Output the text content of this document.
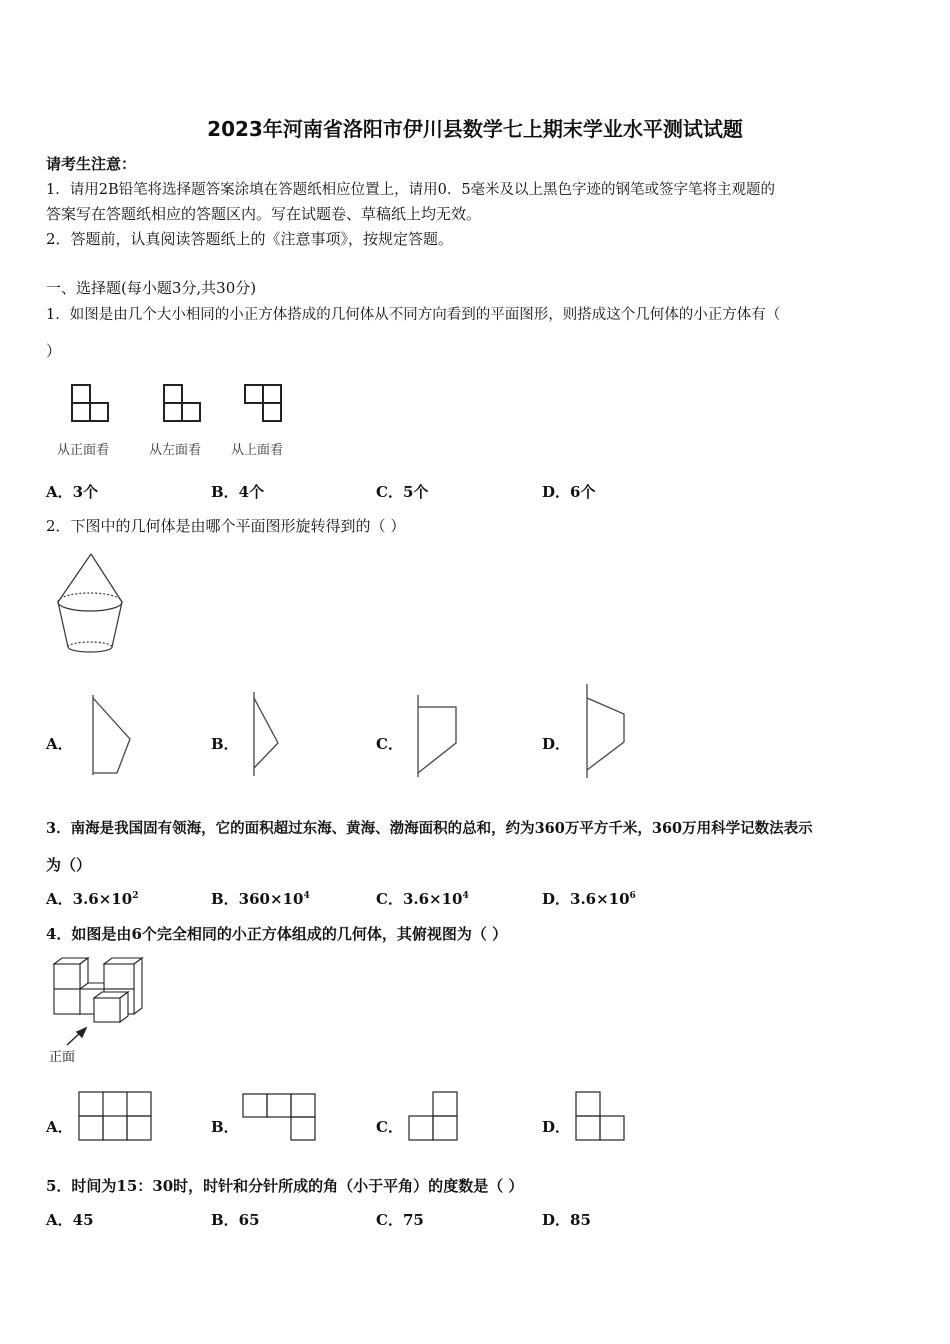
2023年河南省洛阳市伊川县数学七上期末学业水平测试试题
请考生注意：
1．请用2B铅笔将选择题答案涂填在答题纸相应位置上，请用0．5毫米及以上黑色字迹的钢笔或签字笔将主观题的
答案写在答题纸相应的答题区内。写在试题卷、草稿纸上均无效。
2．答题前，认真阅读答题纸上的《注意事项》，按规定答题。
一、选择题(每小题3分,共30分)
1．如图是由几个大小相同的小正方体搭成的几何体从不同方向看到的平面图形，则搭成这个几何体的小正方体有（
）
从正面看	从左面看 从上面看
A．3个	B．4个	C．5个	D．6个
2．下图中的几何体是由哪个平面图形旋转得到的（ ）
A．	B．	C．	D．
3．南海是我国固有领海，它的面积超过东海、黄海、渤海面积的总和，约为360万平方千米，360万用科学记数法表示
为（）
A．$3.6\times 10^2$	B．$360\times 10^4$	C．$3.6\times 10^4$	D．$3.6\times 10^6$
4．如图是由6个完全相同的小正方体组成的几何体，其俯视图为（ ）
正面
A．	B．	C．	D．
5．时间为15：30时，时针和分针所成的角（小于平角）的度数是（ ）
A．45	B．65	C．75	D．85
